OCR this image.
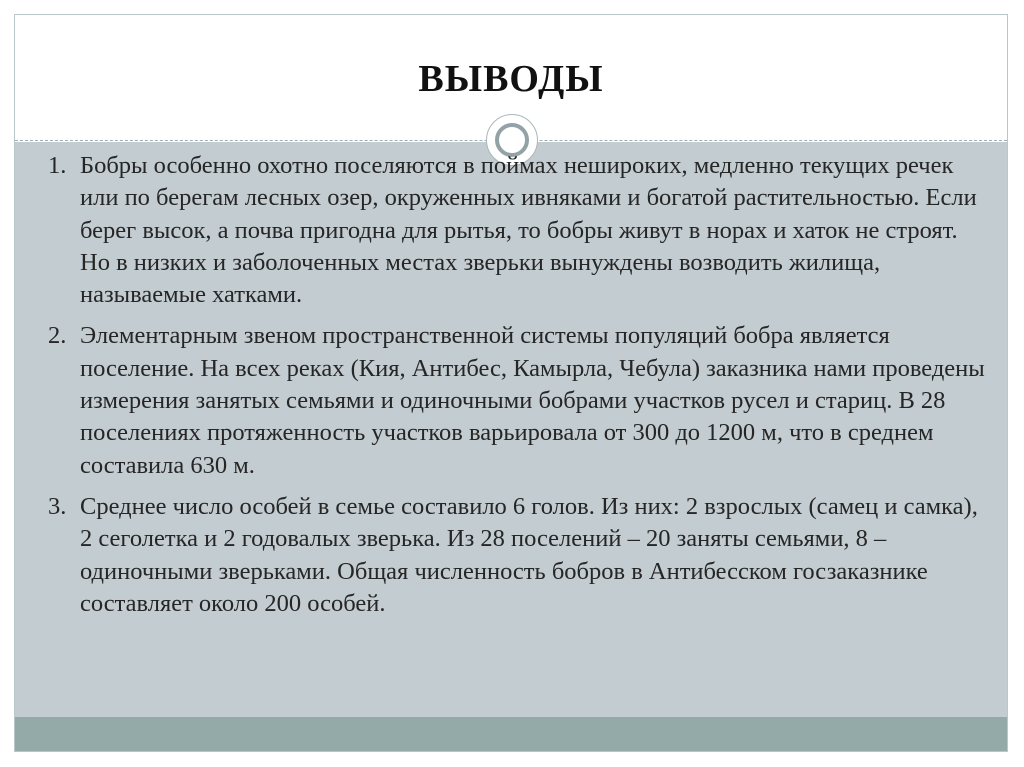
ВЫВОДЫ
1. Бобры особенно охотно поселяются в поймах нешироких, медленно текущих речек или по берегам лесных озер, окруженных ивняками и богатой растительностью. Если берег высок, а почва пригодна для рытья, то бобры живут в норах и хаток не строят. Но в низких и заболоченных местах зверьки вынуждены возводить жилища, называемые хатками.
2. Элементарным звеном пространственной системы популяций бобра является поселение. На всех реках (Кия, Антибес, Камырла, Чебула) заказника нами проведены измерения занятых семьями и одиночными бобрами участков русел и стариц. В 28 поселениях протяженность участков варьировала от 300 до 1200 м, что в среднем составила 630 м.
3. Среднее число особей в семье составило 6 голов. Из них: 2 взрослых (самец и самка), 2 сеголетка и 2 годовалых зверька. Из 28 поселений – 20 заняты семьями, 8 – одиночными зверьками. Общая численность бобров в Антибесском госзаказнике составляет около 200 особей.
